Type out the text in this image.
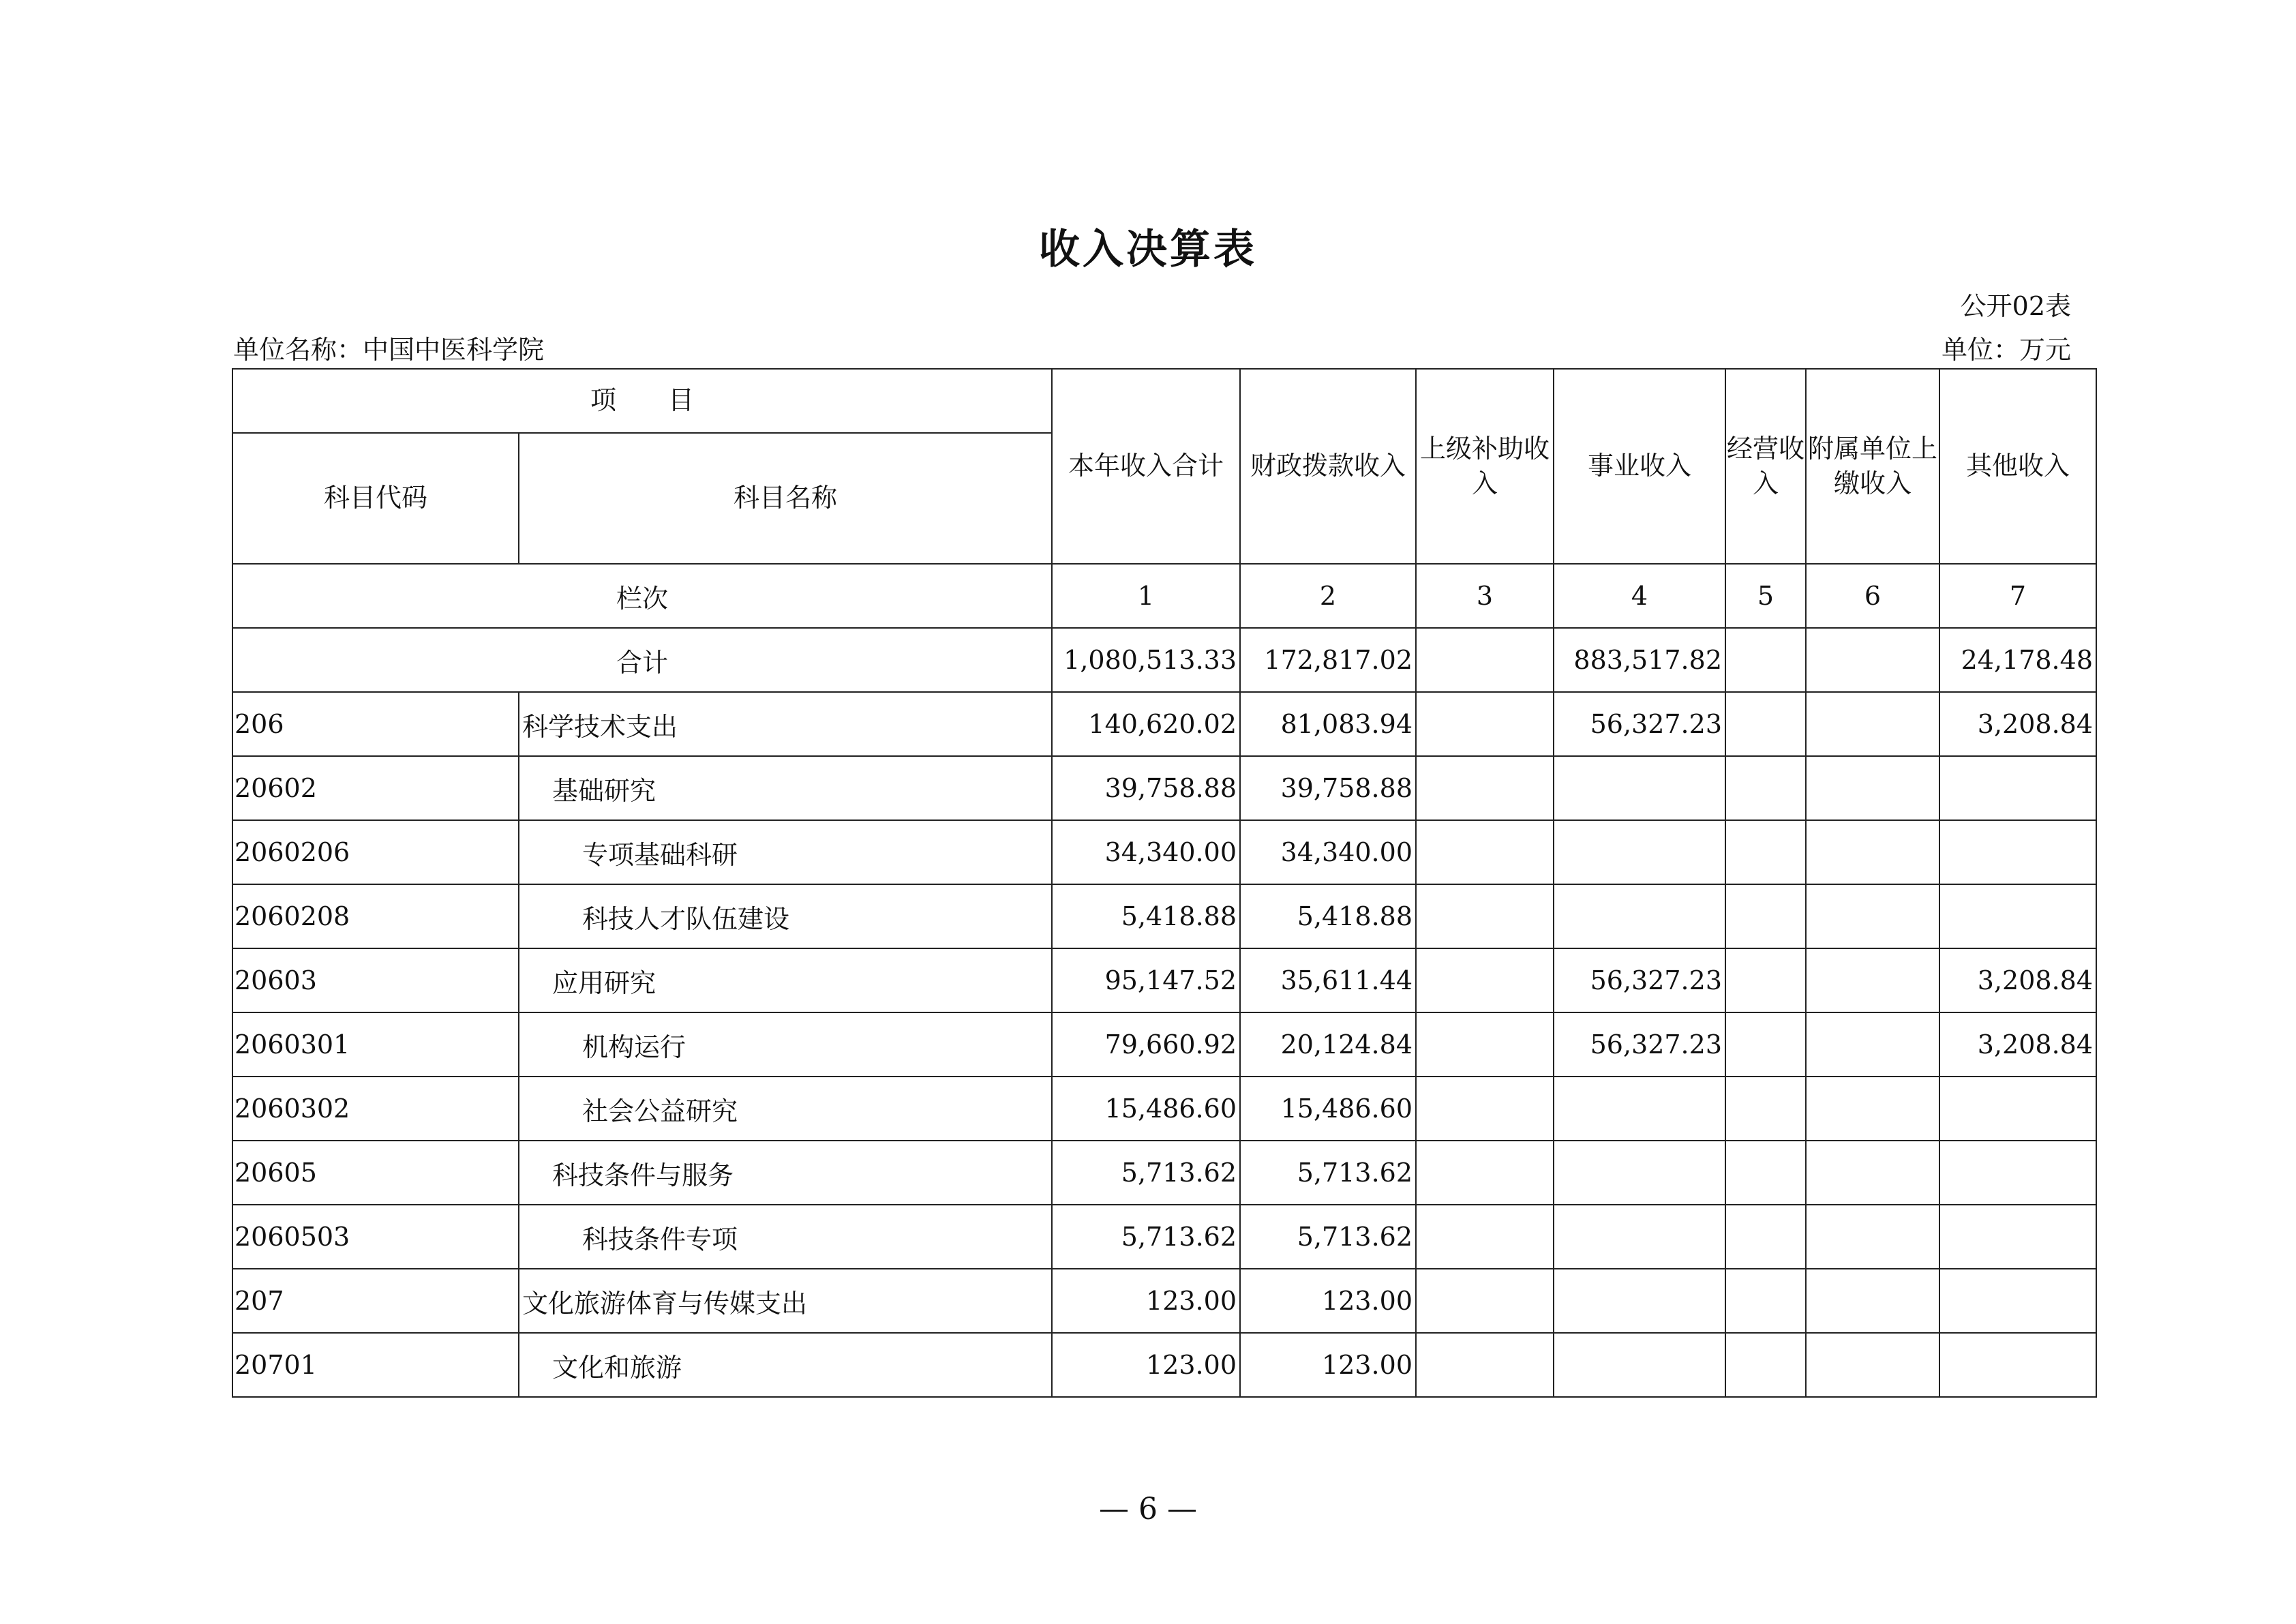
收入决算表
公开02表
单位名称：中国中医科学院	单位：万元
项　　目		本年收入合计	财政拨款收入	上级补助收入	事业收入	经营收入	附属单位上缴收入	其他收入
科目代码	科目名称							
栏次		1	2	3	4	5	6	7
合计		1,080,513.33	172,817.02		883,517.82			24,178.48
206	科学技术支出	140,620.02	81,083.94		56,327.23			3,208.84
20602	基础研究	39,758.88	39,758.88					
2060206	专项基础科研	34,340.00	34,340.00					
2060208	科技人才队伍建设	5,418.88	5,418.88					
20603	应用研究	95,147.52	35,611.44		56,327.23			3,208.84
2060301	机构运行	79,660.92	20,124.84		56,327.23			3,208.84
2060302	社会公益研究	15,486.60	15,486.60					
20605	科技条件与服务	5,713.62	5,713.62					
2060503	科技条件专项	5,713.62	5,713.62					
207	文化旅游体育与传媒支出	123.00	123.00					
20701	文化和旅游	123.00	123.00					
— 6 —
